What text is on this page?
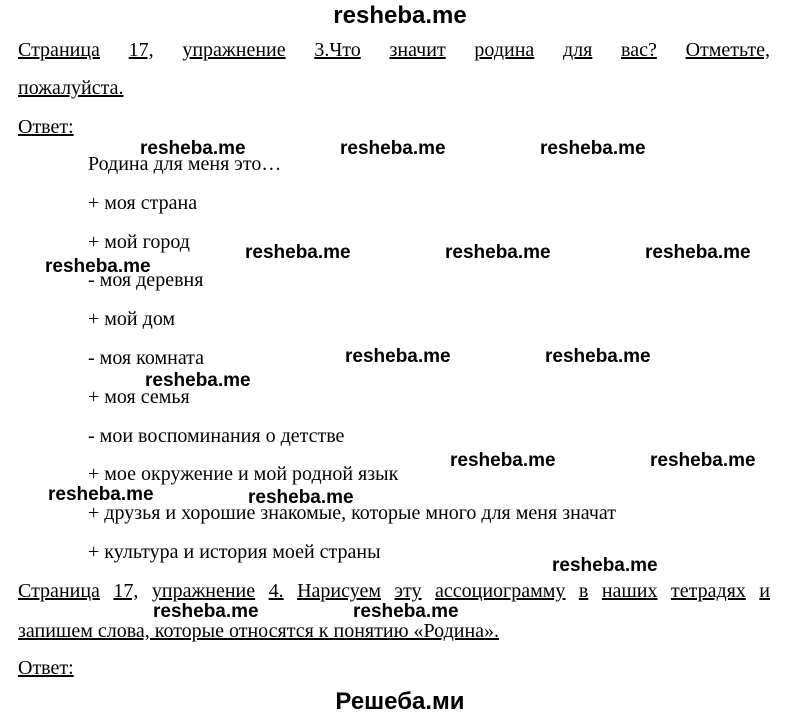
resheba.me
Страница 17, упражнение 3.Что значит родина для вас? Отметьте,
пожалуйста.
Ответ:
Родина для меня это…
+ моя страна
+ мой город
- моя деревня
+ мой дом
- моя комната
+ моя семья
- мои воспоминания о детстве
+ мое окружение и мой родной язык
+ друзья и хорошие знакомые, которые много для меня значат
+ культура и история моей страны
Страница 17, упражнение 4. Нарисуем эту ассоциограмму в наших тетрадях и
запишем слова, которые относятся к понятию «Родина».
Ответ:
resheba.me	resheba.me	resheba.me
resheba.me	resheba.me	resheba.me
resheba.me
resheba.me	resheba.me
resheba.me
resheba.me	resheba.me
resheba.me	resheba.me
resheba.me
resheba.me	resheba.me
Решеба.ми
